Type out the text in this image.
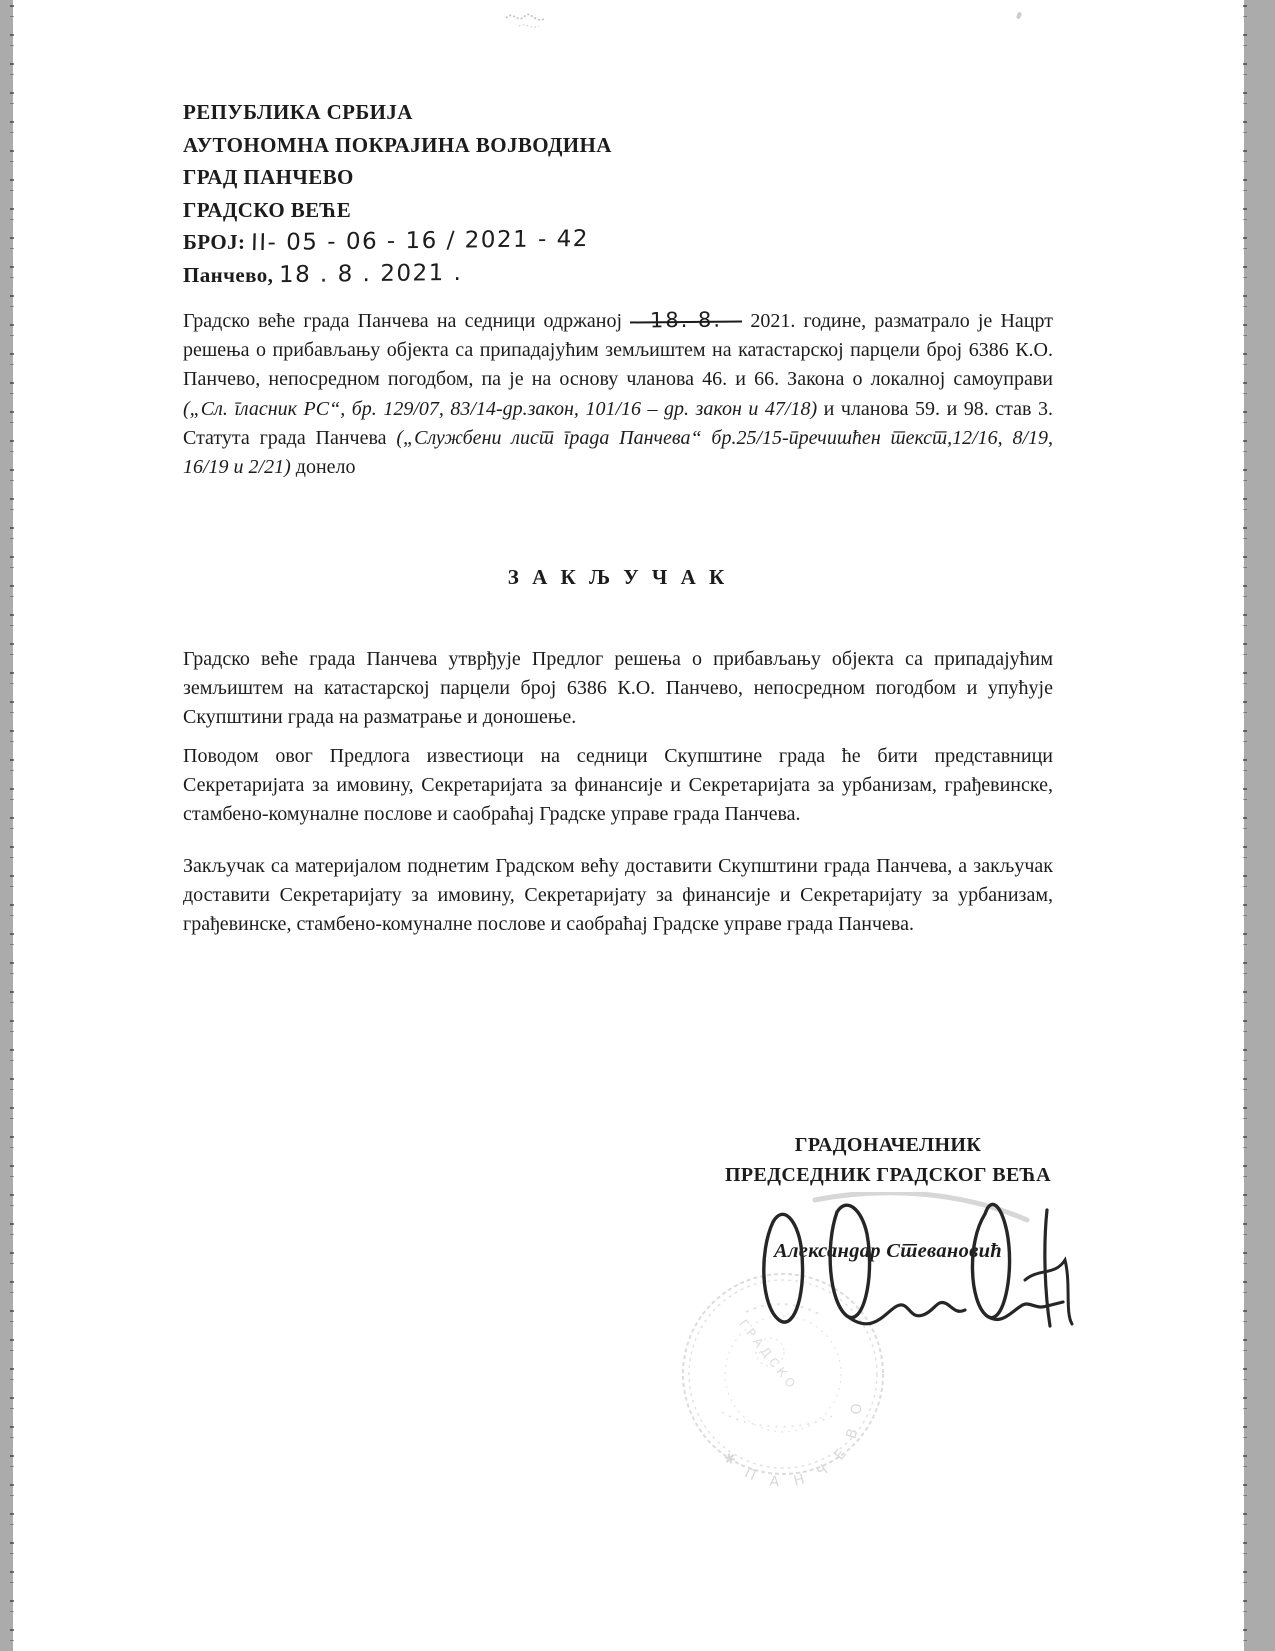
РЕПУБЛИКА СРБИЈА
АУТОНОМНА ПОКРАЈИНА ВОЈВОДИНА
ГРАД ПАНЧЕВО
ГРАДСКО ВЕЋЕ
БРОЈ: II- 05 - 06 - 16 / 2021 - 42
Панчево, 18 . 8 . 2021 .
Градско веће града Панчева на седници одржаној 18. 8. 2021. године, разматрало је Нацрт решења о прибављању објекта са припадајућим земљиштем на катастарској парцели број 6386 К.О. Панчево, непосредном погодбом, па је на основу чланова 46. и 66. Закона о локалној самоуправи („Сл. гласник РС“, бр. 129/07, 83/14-др.закон, 101/16 – др. закон и 47/18) и чланова 59. и 98. став 3. Статута града Панчева („Службени лист града Панчева“ бр.25/15-пречишћен текст,12/16, 8/19, 16/19 и 2/21) донело
З А К Љ У Ч А К
Градско веће града Панчева утврђује Предлог решења о прибављању објекта са припадајућим земљиштем на катастарској парцели број 6386 К.О. Панчево, непосредном погодбом и упућује Скупштини града на разматрање и доношење.
Поводом овог Предлога известиоци на седници Скупштине града ће бити представници Секретаријата за имовину, Секретаријата за финансије и Секретаријата за урбанизам, грађевинске, стамбено-комуналне послове и саобраћај Градске управе града Панчева.
Закључак са материјалом поднетим Градском већу доставити Скупштини града Панчева, а закључак доставити Секретаријату за имовину, Секретаријату за финансије и Секретаријату за урбанизам, грађевинске, стамбено-комуналне послове и саобраћај Градске управе града Панчева.
ГРАДОНАЧЕЛНИК
ПРЕДСЕДНИК ГРАДСКОГ ВЕЋА
Александар Стевановић
✱ П А Н Ч Е В О
ГРАДСКО
